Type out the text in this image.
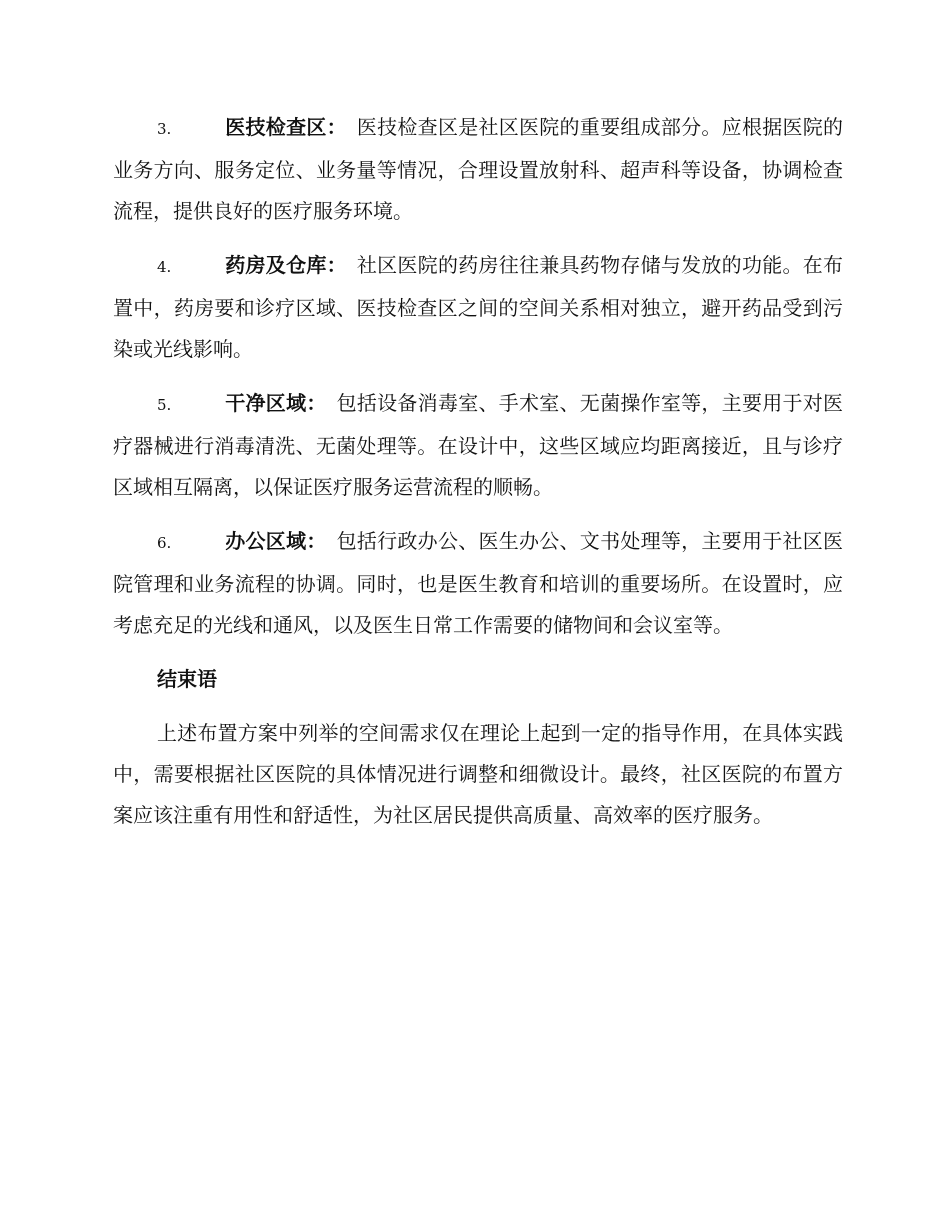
3.	医技检查区： 医技检查区是社区医院的重要组成部分。应根据医院的业务方向、服务定位、业务量等情况，合理设置放射科、超声科等设备，协调检查流程，提供良好的医疗服务环境。

4.	药房及仓库： 社区医院的药房往往兼具药物存储与发放的功能。在布置中，药房要和诊疗区域、医技检查区之间的空间关系相对独立，避开药品受到污染或光线影响。

5.	干净区域： 包括设备消毒室、手术室、无菌操作室等，主要用于对医疗器械进行消毒清洗、无菌处理等。在设计中，这些区域应均距离接近，且与诊疗区域相互隔离，以保证医疗服务运营流程的顺畅。

6.	办公区域： 包括行政办公、医生办公、文书处理等，主要用于社区医院管理和业务流程的协调。同时，也是医生教育和培训的重要场所。在设置时，应考虑充足的光线和通风，以及医生日常工作需要的储物间和会议室等。

结束语

上述布置方案中列举的空间需求仅在理论上起到一定的指导作用，在具体实践中，需要根据社区医院的具体情况进行调整和细微设计。最终，社区医院的布置方案应该注重有用性和舒适性，为社区居民提供高质量、高效率的医疗服务。
